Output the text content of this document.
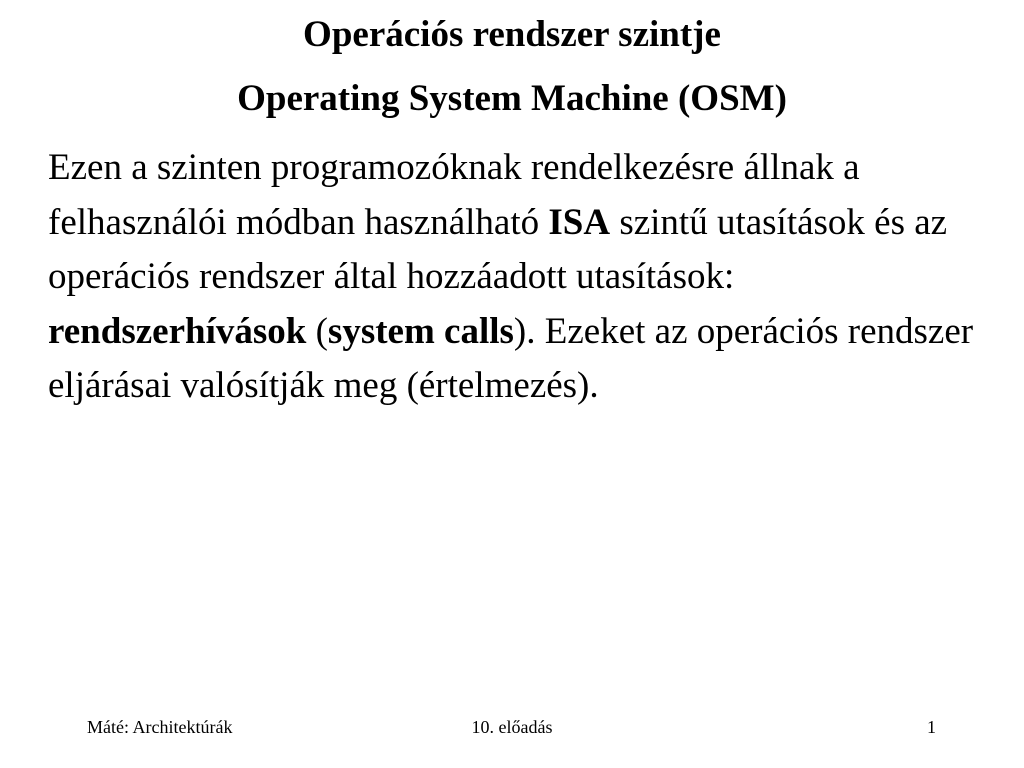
Operációs rendszer szintje
Operating System Machine (OSM)
Ezen a szinten programozóknak rendelkezésre állnak a felhasználói módban használható ISA szintű utasítások és az operációs rendszer által hozzáadott utasítások: rendszerhívások (system calls). Ezeket az operációs rendszer eljárásai valósítják meg (értelmezés).
Máté: Architektúrák	10. előadás	1
